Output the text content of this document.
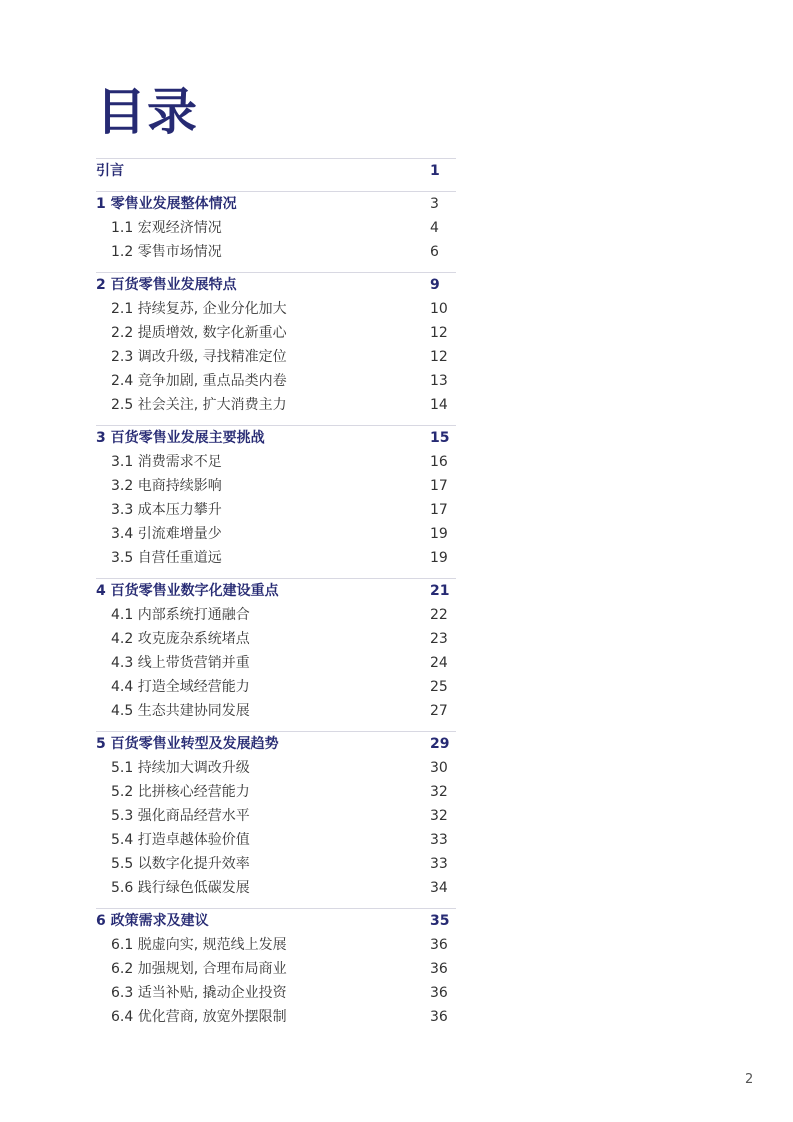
目录
引言	1
1 零售业发展整体情况	3
1.1 宏观经济情况	4
1.2 零售市场情况	6
2 百货零售业发展特点	9
2.1 持续复苏, 企业分化加大	10
2.2 提质增效, 数字化新重心	12
2.3 调改升级, 寻找精准定位	12
2.4 竞争加剧, 重点品类内卷	13
2.5 社会关注, 扩大消费主力	14
3 百货零售业发展主要挑战	15
3.1 消费需求不足	16
3.2 电商持续影响	17
3.3 成本压力攀升	17
3.4 引流难增量少	19
3.5 自营任重道远	19
4 百货零售业数字化建设重点	21
4.1 内部系统打通融合	22
4.2 攻克庞杂系统堵点	23
4.3 线上带货营销并重	24
4.4 打造全域经营能力	25
4.5 生态共建协同发展	27
5 百货零售业转型及发展趋势	29
5.1 持续加大调改升级	30
5.2 比拼核心经营能力	32
5.3 强化商品经营水平	32
5.4 打造卓越体验价值	33
5.5 以数字化提升效率	33
5.6 践行绿色低碳发展	34
6 政策需求及建议	35
6.1 脱虚向实, 规范线上发展	36
6.2 加强规划, 合理布局商业	36
6.3 适当补贴, 撬动企业投资	36
6.4 优化营商, 放宽外摆限制	36
2
